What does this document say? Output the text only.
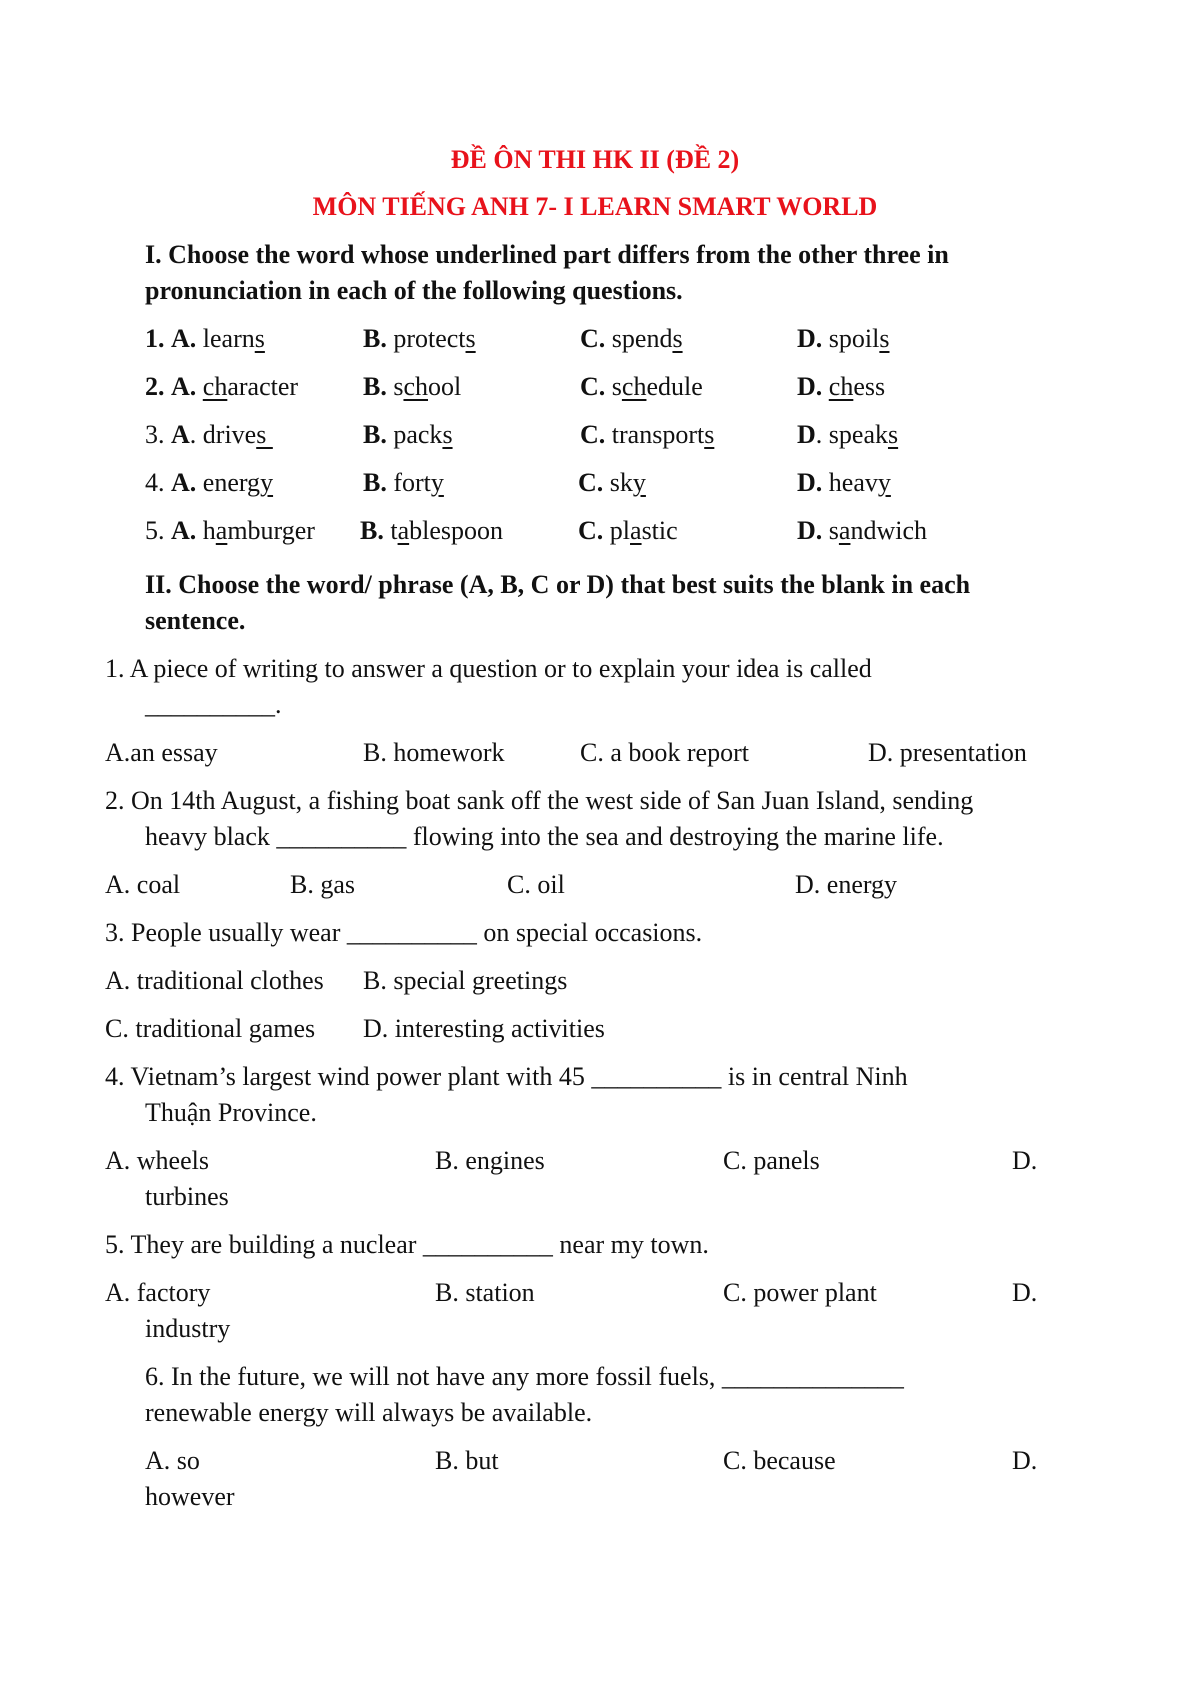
ĐỀ ÔN THI HK II (ĐỀ 2)
MÔN TIẾNG ANH 7- I LEARN SMART WORLD
I. Choose the word whose underlined part differs from the other three in
pronunciation in each of the following questions.
1. A. learns	B. protects	C. spends	D. spoils
2. A. character B. school	C. schedule	D. chess
3. A. drives	B. packs	C. transports	D. speaks
4. A. energy	B. forty	C. sky	D. heavy
5. A. hamburger B. tablespoon	C. plastic	D. sandwich
II. Choose the word/ phrase (A, B, C or D) that best suits the blank in each
sentence.
1. A piece of writing to answer a question or to explain your idea is called
__________.
A.an essay	B. homework	C. a book report	D. presentation
2. On 14th August, a fishing boat sank off the west side of San Juan Island, sending
heavy black __________ flowing into the sea and destroying the marine life.
A. coal	B. gas	C. oil	D. energy
3. People usually wear __________ on special occasions.
A. traditional clothes B. special greetings
C. traditional games D. interesting activities
4. Vietnam’s largest wind power plant with 45 __________ is in central Ninh
Thuận Province.
A. wheels	B. engines	C. panels	D.
turbines
5. They are building a nuclear __________ near my town.
A. factory	B. station	C. power plant	D.
industry
6. In the future, we will not have any more fossil fuels, ______________
renewable energy will always be available.
A. so	B. but	C. because	D.
however
